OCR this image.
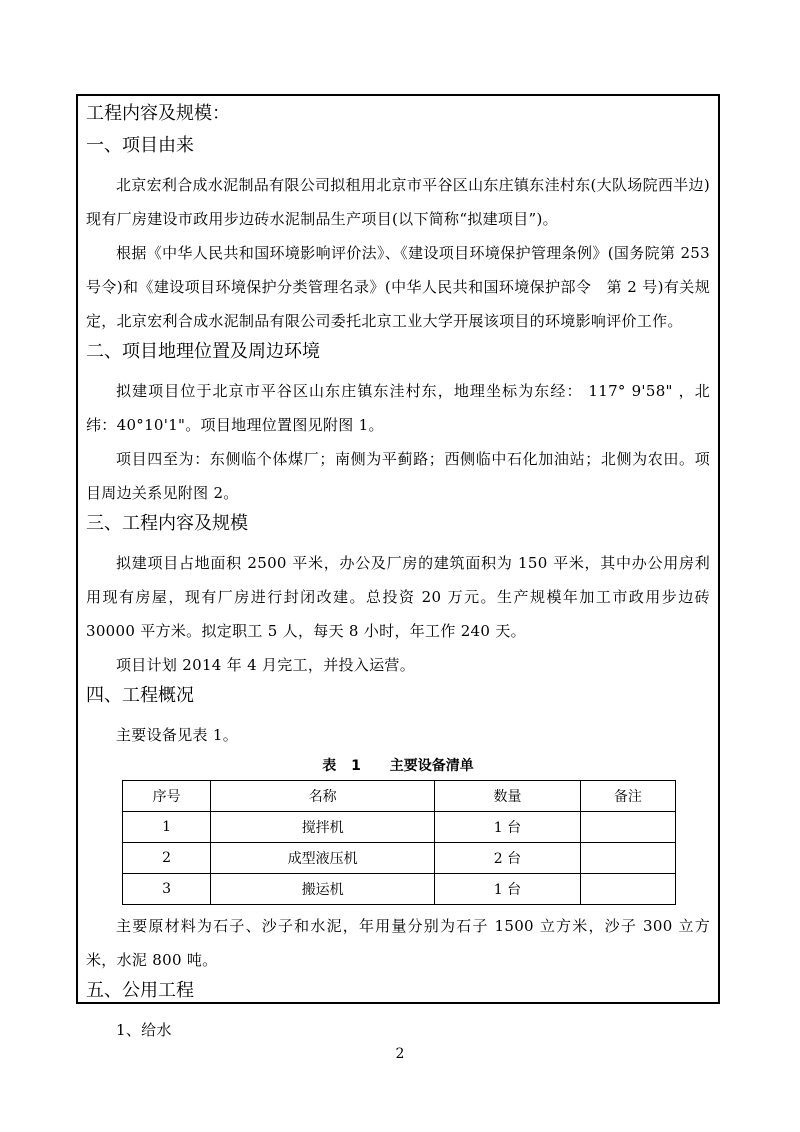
工程内容及规模：
一、项目由来
北京宏利合成水泥制品有限公司拟租用北京市平谷区山东庄镇东洼村东(大队场院西半边)现有厂房建设市政用步边砖水泥制品生产项目(以下简称“拟建项目”)。
根据《中华人民共和国环境影响评价法》、《建设项目环境保护管理条例》(国务院第 253 号令)和《建设项目环境保护分类管理名录》(中华人民共和国环境保护部令　第 2 号)有关规定，北京宏利合成水泥制品有限公司委托北京工业大学开展该项目的环境影响评价工作。
二、项目地理位置及周边环境
拟建项目位于北京市平谷区山东庄镇东洼村东，地理坐标为东经： 117° 9'58" ，北纬：40°10'1"。项目地理位置图见附图 1。
项目四至为：东侧临个体煤厂；南侧为平蓟路；西侧临中石化加油站；北侧为农田。项目周边关系见附图 2。
三、工程内容及规模
拟建项目占地面积 2500 平米，办公及厂房的建筑面积为 150 平米，其中办公用房利用现有房屋，现有厂房进行封闭改建。总投资 20 万元。生产规模年加工市政用步边砖 30000 平方米。拟定职工 5 人，每天 8 小时，年工作 240 天。
项目计划 2014 年 4 月完工，并投入运营。
四、工程概况
主要设备见表 1。
表 1　 主要设备清单
序号	名称	数量	备注
1	搅拌机	1 台	
2	成型液压机	2 台	
3	搬运机	1 台	
主要原材料为石子、沙子和水泥，年用量分别为石子 1500 立方米，沙子 300 立方米，水泥 800 吨。
五、公用工程
1、给水
2
